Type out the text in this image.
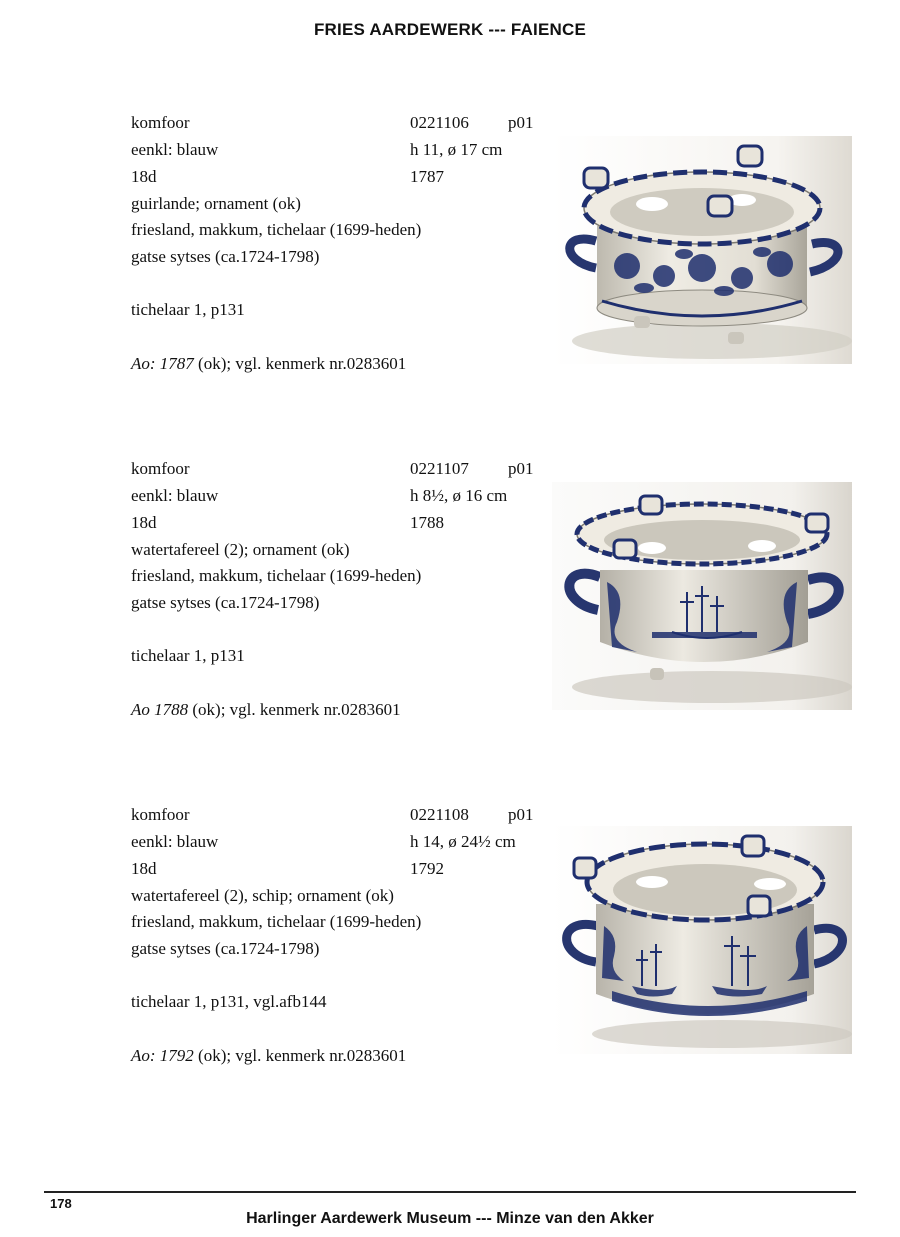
FRIES AARDEWERK --- FAIENCE
komfoor	0221106 p01
eenkl: blauw	h 11, ø 17 cm
18d	1787
guirlande; ornament (ok)
friesland, makkum, tichelaar (1699-heden)
gatse sytses (ca.1724-1798)
tichelaar 1, p131
Ao: 1787 (ok); vgl. kenmerk nr.0283601
komfoor	0221107 p01
eenkl: blauw	h 8½, ø 16 cm
18d	1788
watertafereel (2); ornament (ok)
friesland, makkum, tichelaar (1699-heden)
gatse sytses (ca.1724-1798)
tichelaar 1, p131
Ao 1788 (ok); vgl. kenmerk nr.0283601
komfoor	0221108 p01
eenkl: blauw	h 14, ø 24½ cm
18d	1792
watertafereel (2), schip; ornament (ok)
friesland, makkum, tichelaar (1699-heden)
gatse sytses (ca.1724-1798)
tichelaar 1, p131, vgl.afb144
Ao: 1792 (ok); vgl. kenmerk nr.0283601
178
Harlinger Aardewerk Museum --- Minze van den Akker
